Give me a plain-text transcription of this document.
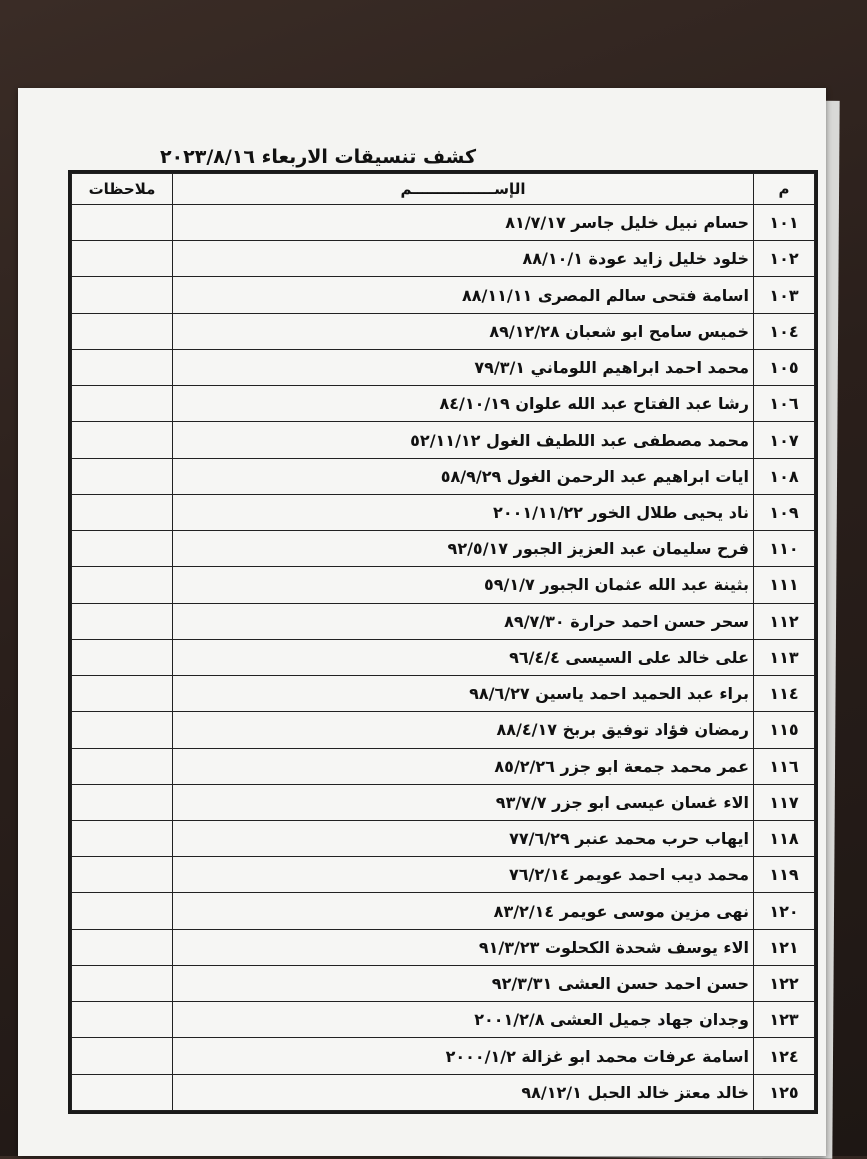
كشف تنسيقات الاربعاء ٢٠٢٣/٨/١٦
م	الإســــــــــــــــم	ملاحظات
١٠١	حسام نبيل خليل جاسر ٨١/٧/١٧	
١٠٢	خلود خليل زايد عودة ٨٨/١٠/١	
١٠٣	اسامة فتحى سالم المصرى ٨٨/١١/١١	
١٠٤	خميس سامح ابو شعبان ٨٩/١٢/٢٨	
١٠٥	محمد احمد ابراهيم اللوماني ٧٩/٣/١	
١٠٦	رشا عبد الفتاح عبد الله علوان ٨٤/١٠/١٩	
١٠٧	محمد مصطفى عبد اللطيف الغول ٥٢/١١/١٢	
١٠٨	ايات ابراهيم عبد الرحمن الغول ٥٨/٩/٢٩	
١٠٩	ناد يحيى طلال الخور ٢٠٠١/١١/٢٢	
١١٠	فرح سليمان عبد العزيز الجبور ٩٢/٥/١٧	
١١١	بثينة عبد الله عثمان الجبور ٥٩/١/٧	
١١٢	سحر حسن احمد حرارة ٨٩/٧/٣٠	
١١٣	على خالد على السيسى ٩٦/٤/٤	
١١٤	براء عبد الحميد احمد ياسين ٩٨/٦/٢٧	
١١٥	رمضان فؤاد توفيق بربخ ٨٨/٤/١٧	
١١٦	عمر محمد جمعة ابو جزر ٨٥/٢/٢٦	
١١٧	الاء غسان عيسى ابو جزر ٩٣/٧/٧	
١١٨	ايهاب حرب محمد عنبر ٧٧/٦/٢٩	
١١٩	محمد ديب احمد عويمر ٧٦/٢/١٤	
١٢٠	نهى مزين موسى عويمر ٨٣/٢/١٤	
١٢١	الاء يوسف شحدة الكحلوت ٩١/٣/٢٣	
١٢٢	حسن احمد حسن العشى ٩٢/٣/٣١	
١٢٣	وجدان جهاد جميل العشى ٢٠٠١/٢/٨	
١٢٤	اسامة عرفات محمد ابو غزالة ٢٠٠٠/١/٢	
١٢٥	خالد معتز خالد الحبل ٩٨/١٢/١	
